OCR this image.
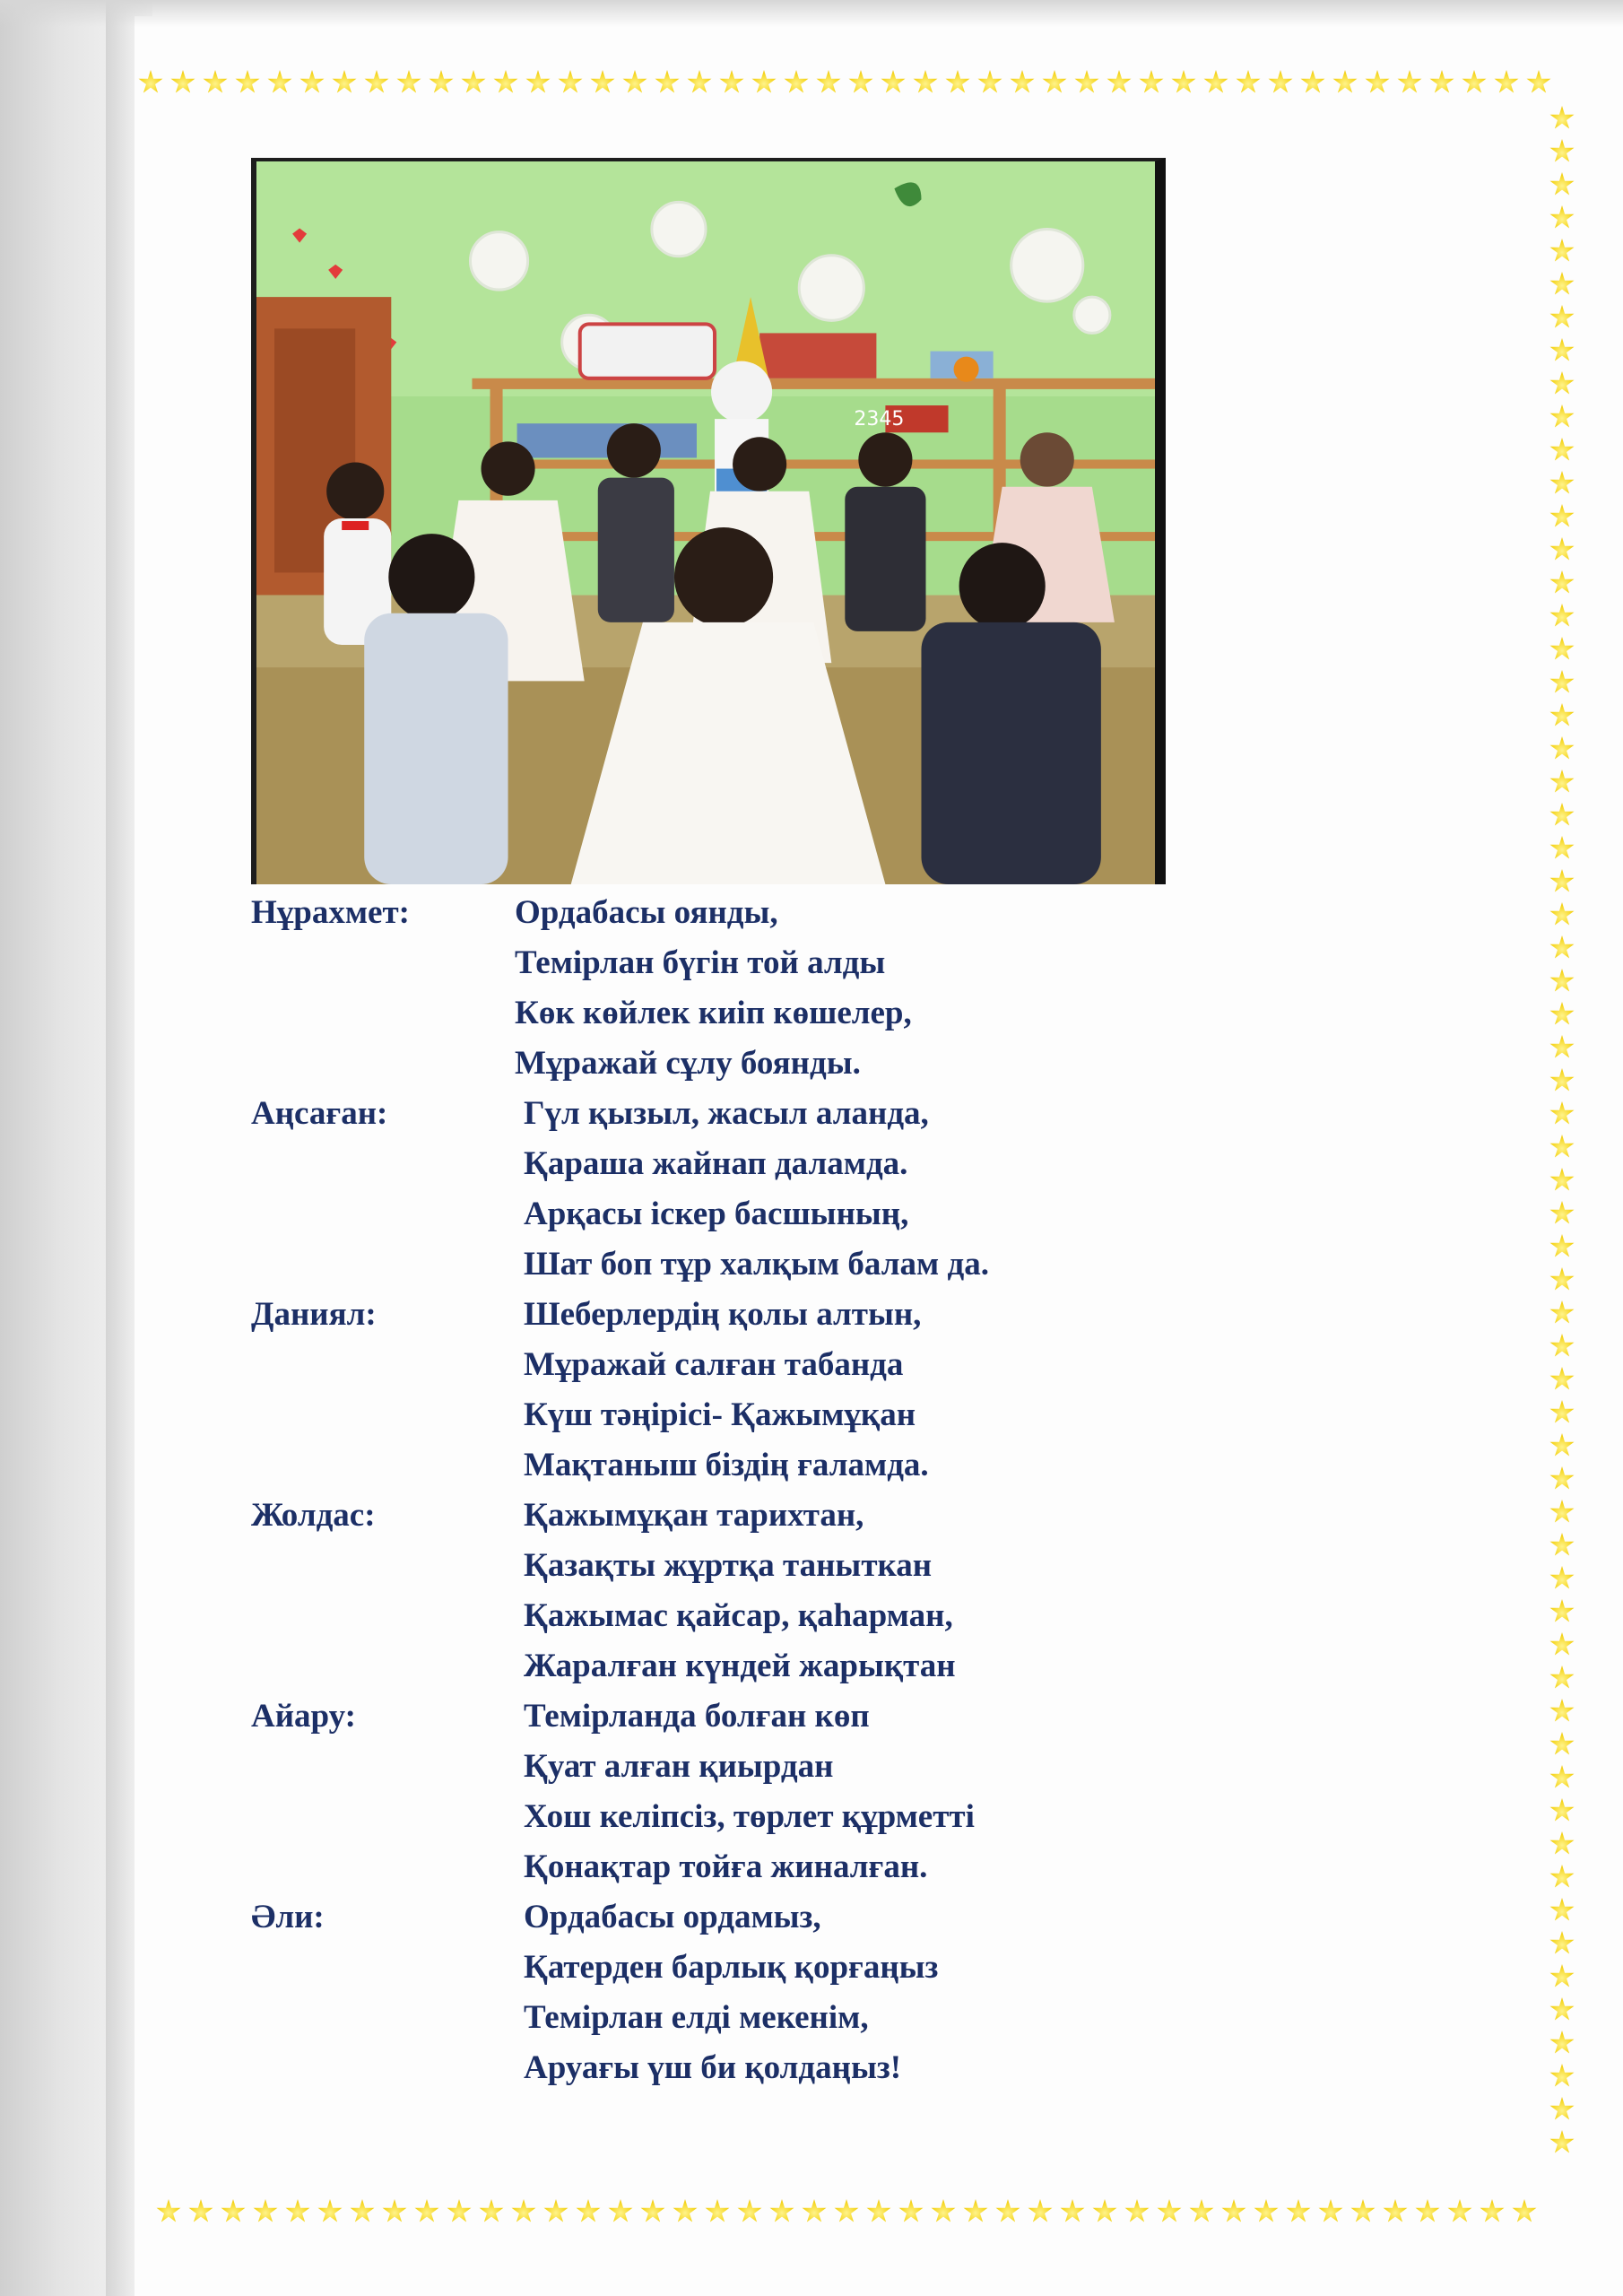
2345
Нұрахмет:	Ордабасы оянды,
Темірлан бүгін той алды
Көк көйлек киіп көшелер,
Мұражай сұлу боянды.
Аңсаған:	Гүл қызыл, жасыл аланда,
Қараша жайнап даламда.
Арқасы іскер басшының,
Шат боп тұр халқым балам да.
Даниял:	Шеберлердің қолы алтын,
Мұражай салған табанда
Күш тәңірісі- Қажымұқан
Мақтаныш біздің ғаламда.
Жолдас:	Қажымұқан тарихтан,
Қазақты жұртқа таныткан
Қажымас қайсар, қаһарман,
Жаралған күндей жарықтан
Айару:	Темірланда болған көп
Қуат алған қиырдан
Хош келіпсіз, төрлет құрметті
Қонақтар тойға жиналған.
Әли:	Ордабасы ордамыз,
Қатерден барлық қорғаңыз
Темірлан елді мекенім,
Аруағы үш би қолдаңыз!
